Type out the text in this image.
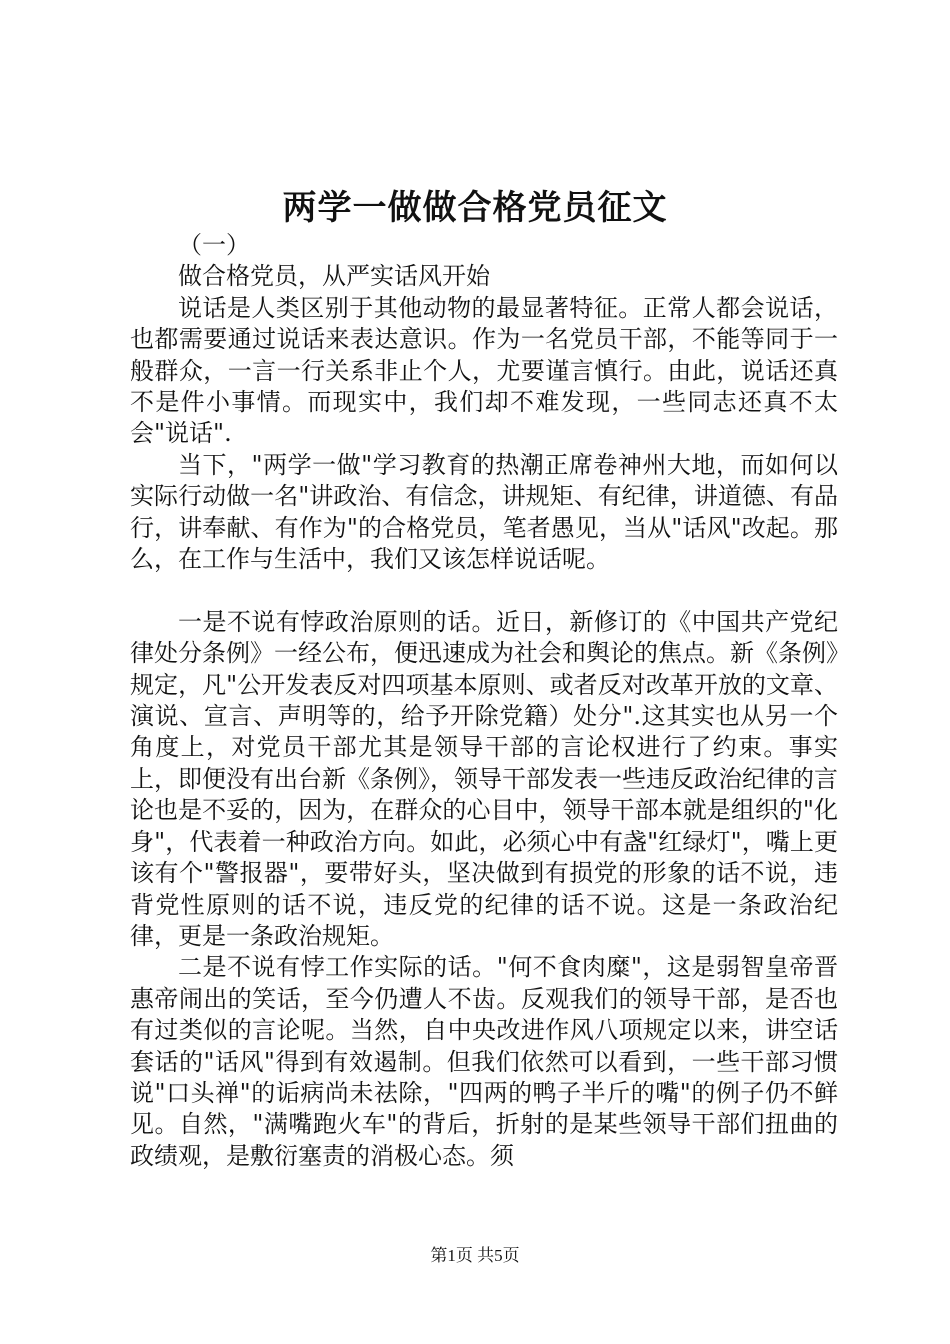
两学一做做合格党员征文

（一）

做合格党员，从严实话风开始

说话是人类区别于其他动物的最显著特征。正常人都会说话，也都需要通过说话来表达意识。作为一名党员干部，不能等同于一般群众，一言一行关系非止个人，尤要谨言慎行。由此，说话还真不是件小事情。而现实中，我们却不难发现，一些同志还真不太会"说话".

当下，"两学一做"学习教育的热潮正席卷神州大地，而如何以实际行动做一名"讲政治、有信念，讲规矩、有纪律，讲道德、有品行，讲奉献、有作为"的合格党员，笔者愚见，当从"话风"改起。那么，在工作与生活中，我们又该怎样说话呢。

一是不说有悖政治原则的话。近日，新修订的《中国共产党纪律处分条例》一经公布，便迅速成为社会和舆论的焦点。新《条例》规定，凡"公开发表反对四项基本原则、或者反对改革开放的文章、演说、宣言、声明等的，给予开除党籍）处分".这其实也从另一个角度上，对党员干部尤其是领导干部的言论权进行了约束。事实上，即便没有出台新《条例》，领导干部发表一些违反政治纪律的言论也是不妥的，因为，在群众的心目中，领导干部本就是组织的"化身"，代表着一种政治方向。如此，必须心中有盏"红绿灯"，嘴上更该有个"警报器"，要带好头，坚决做到有损党的形象的话不说，违背党性原则的话不说，违反党的纪律的话不说。这是一条政治纪律，更是一条政治规矩。

二是不说有悖工作实际的话。"何不食肉糜"，这是弱智皇帝晋惠帝闹出的笑话，至今仍遭人不齿。反观我们的领导干部，是否也有过类似的言论呢。当然，自中央改进作风八项规定以来，讲空话套话的"话风"得到有效遏制。但我们依然可以看到，一些干部习惯说"口头禅"的诟病尚未祛除，"四两的鸭子半斤的嘴"的例子仍不鲜见。自然，"满嘴跑火车"的背后，折射的是某些领导干部们扭曲的政绩观，是敷衍塞责的消极心态。须

第1页 共5页
